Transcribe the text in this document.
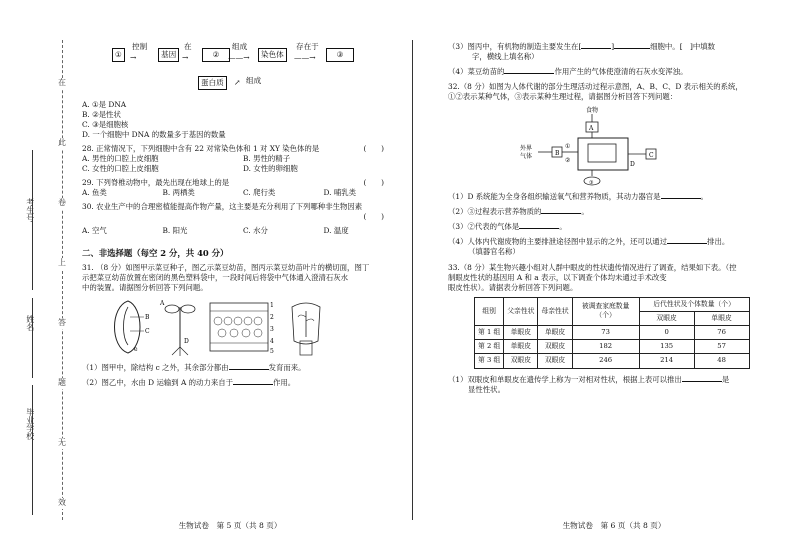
在
此
卷
上
答
题
无
效
考生号
姓名
毕业学校
①
控制
→	基因
在
→	②
组成
——→	染色体
存在于
——→	③
蛋白质	↗ 组成
A. ①是 DNA
B. ②是性状
C. ③是细胞核
D. 一个细胞中 DNA 的数量多于基因的数量
28. 正常情况下，下列细胞中含有 22 对常染色体和 1 对 XY 染色体的是	(　　)
A. 男性的口腔上皮细胞	B. 男性的精子
C. 女性的口腔上皮细胞	D. 女性的卵细胞
29. 下列脊椎动物中，最先出现在地球上的是	(　　)
A. 鱼类	B. 两栖类	C. 爬行类	D. 哺乳类
30. 农业生产中的合理密植能提高作物产量，这主要是充分利用了下列哪种非生物因素
(　　)
A. 空气	B. 阳光	C. 水分	D. 温度
二、非选择题（每空 2 分，共 40 分）
31. （8 分）如图甲示菜豆种子，图乙示菜豆幼苗，图丙示菜豆幼苗叶片的横切面，图丁
示把菜豆幼苗放置在密闭的黑色塑料袋中，一段时间后将袋中气体通入澄清石灰水
中的装置。请据图分析回答下列问题。
B
C
e
A
D
1
2
3
4
5
（1）图甲中，除结构 c 之外，其余部分都由	发育而来。
（2）图乙中，水由 D 运输到 A 的动力来自于	作用。
生物试卷　第 5 页（共 8 页）
（3）图丙中，有机物的制造主要发生在[	]	细胞中。[　]中填数
字，横线上填名称）
（4）菜豆幼苗的	作用产生的气体使澄清的石灰水变浑浊。
32.（8 分）如图为人体代谢的部分生理活动过程示意图，A、B、C、D 表示相关的系统，
①②表示某种气体，③表示某种生理过程，请据图分析回答下列问题：
食物
A
外界
气体	B
①
②
C
D
③
（1）D 系统能为全身各组织输送氧气和营养物质，其动力器官是	。
（2）③过程表示营养物质的	。
（3）②代表的气体是	。
（4）人体内代谢废物的主要排泄途径图中显示的之外，还可以通过	排出。
（填器官名称）
33.（8 分）某生物兴趣小组对人群中眼皮的性状遗传情况进行了调查，结果如下表。（控
制眼皮性状的基因用 A 和 a 表示，以下调查个体均未通过手术改变
眼皮性状）。请据表分析回答下列问题。
组别	父亲性状	母亲性状	被调查家庭数量（个）	后代性状及个体数量（个）	
				双眼皮	单眼皮
第 1 组	单眼皮	单眼皮	73	0	76
第 2 组	单眼皮	双眼皮	182	135	57
第 3 组	双眼皮	双眼皮	246	214	48
（1）双眼皮和单眼皮在遗传学上称为一对相对性状，根据上表可以推出	是
显性性状。
生物试卷　第 6 页（共 8 页）
